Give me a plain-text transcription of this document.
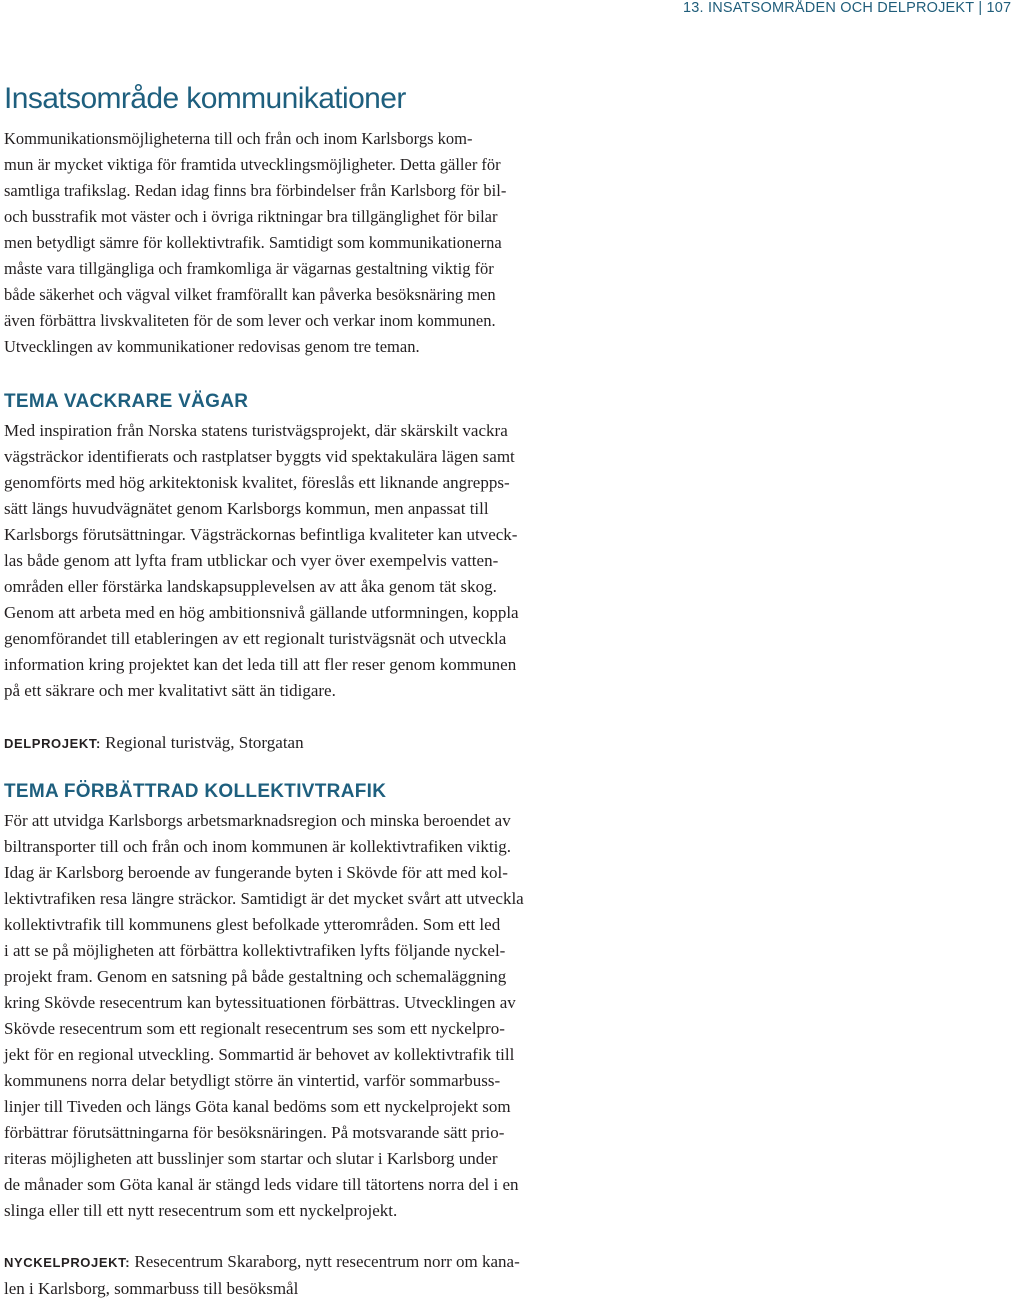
13. INSATSOMRÅDEN OCH DELPROJEKT | 107
Insatsområde kommunikationer
Kommunikationsmöjligheterna till och från och inom Karlsborgs kom-
mun är mycket viktiga för framtida utvecklingsmöjligheter. Detta gäller för
samtliga trafikslag. Redan idag finns bra förbindelser från Karlsborg för bil-
och busstrafik mot väster och i övriga riktningar bra tillgänglighet för bilar
men betydligt sämre för kollektivtrafik. Samtidigt som kommunikationerna
måste vara tillgängliga och framkomliga är vägarnas gestaltning viktig för
både säkerhet och vägval vilket framförallt kan påverka besöksnäring men
även förbättra livskvaliteten för de som lever och verkar inom kommunen.
Utvecklingen av kommunikationer redovisas genom tre teman.
TEMA VACKRARE VÄGAR
Med inspiration från Norska statens turistvägsprojekt, där skärskilt vackra
vägsträckor identifierats och rastplatser byggts vid spektakulära lägen samt
genomförts med hög arkitektonisk kvalitet, föreslås ett liknande angrepps-
sätt längs huvudvägnätet genom Karlsborgs kommun, men anpassat till
Karlsborgs förutsättningar. Vägsträckornas befintliga kvaliteter kan utveck-
las både genom att lyfta fram utblickar och vyer över exempelvis vatten-
områden eller förstärka landskapsupplevelsen av att åka genom tät skog.
Genom att arbeta med en hög ambitionsnivå gällande utformningen, koppla
genomförandet till etableringen av ett regionalt turistvägsnät och utveckla
information kring projektet kan det leda till att fler reser genom kommunen
på ett säkrare och mer kvalitativt sätt än tidigare.
DELPROJEKT: Regional turistväg, Storgatan
TEMA FÖRBÄTTRAD KOLLEKTIVTRAFIK
För att utvidga Karlsborgs arbetsmarknadsregion och minska beroendet av
biltransporter till och från och inom kommunen är kollektivtrafiken viktig.
Idag är Karlsborg beroende av fungerande byten i Skövde för att med kol-
lektivtrafiken resa längre sträckor. Samtidigt är det mycket svårt att utveckla
kollektivtrafik till kommunens glest befolkade ytterområden. Som ett led
i att se på möjligheten att förbättra kollektivtrafiken lyfts följande nyckel-
projekt fram. Genom en satsning på både gestaltning och schemaläggning
kring Skövde resecentrum kan bytessituationen förbättras. Utvecklingen av
Skövde resecentrum som ett regionalt resecentrum ses som ett nyckelpro-
jekt för en regional utveckling. Sommartid är behovet av kollektivtrafik till
kommunens norra delar betydligt större än vintertid, varför sommarbuss-
linjer till Tiveden och längs Göta kanal bedöms som ett nyckelprojekt som
förbättrar förutsättningarna för besöksnäringen. På motsvarande sätt prio-
riteras möjligheten att busslinjer som startar och slutar i Karlsborg under
de månader som Göta kanal är stängd leds vidare till tätortens norra del i en
slinga eller till ett nytt resecentrum som ett nyckelprojekt.
NYCKELPROJEKT: Resecentrum Skaraborg, nytt resecentrum norr om kana-
len i Karlsborg, sommarbuss till besöksmål
